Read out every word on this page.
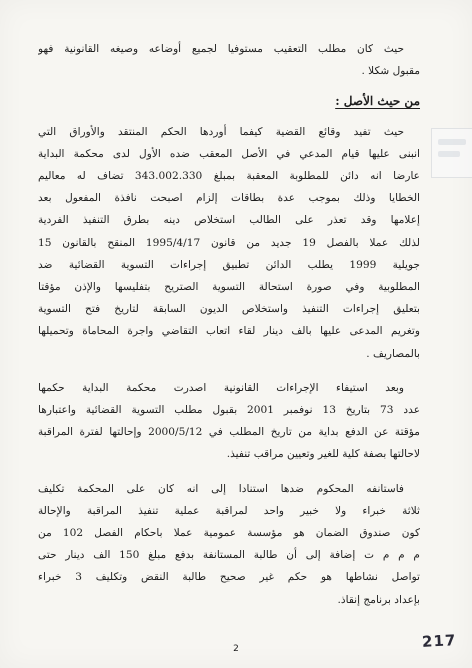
حيث كان مطلب التعقيب مستوفيا لجميع أوضاعه وصيغه القانونية فهو
مقبول شكلا .

من حيث الأصل :

حيث تفيد وقائع القضية كيفما أوردها الحكم المنتقد والأوراق التي
انبنى عليها قيام المدعي في الأصل المعقب ضده الأول لدى محكمة البداية
عارضا انه دائن للمطلوبة المعقبة بمبلغ 343.002.330 تضاف له معاليم
الخطايا وذلك بموجب عدة بطاقات إلزام اصبحت نافذة المفعول بعد
إعلامها وقد تعذر على الطالب استخلاص دينه بطرق التنفيذ الفردية
لذلك عملا بالفصل 19 جديد من قانون 1995/4/17 المنقح بالقانون 15
جويلية 1999 يطلب الدائن تطبيق إجراءات التسوية القضائية ضد
المطلوبية وفي صورة استحالة التسوية الصتريح بتفليسها والإذن مؤقتا
بتعليق إجراءات التنفيذ واستخلاص الديون السابقة لتاريخ فتح التسوية
وتغريم المدعى عليها بالف دينار لقاء اتعاب التقاضي واجرة المحاماة وتحميلها
بالمصاريف .

وبعد استيفاء الإجراءات القانونية اصدرت محكمة البداية حكمها
عدد 73 بتاريخ 13 نوفمبر 2001 بقبول مطلب التسوية القضائية واعتبارها
مؤقتة عن الدفع بداية من تاريخ المطلب في 2000/5/12 وإحالتها لفترة المراقبة
لاحالتها بصفة كلية للغير وتعيين مراقب تنفيذ.

فاستانفه المحكوم ضدها استنادا إلى انه كان على المحكمة تكليف
ثلاثة خبراء ولا خبير واحد لمراقبة عملية تنفيذ المراقبة والإحالة
كون صندوق الضمان هو مؤسسة عمومية عملا باحكام الفصل 102 من
م م م ت إضافة إلى أن طالبة المستانفة بدفع مبلغ 150 الف دينار حتى
تواصل نشاطها هو حكم غير صحيح طالبة النقض وتكليف 3 خبراء
بإعداد برنامج إنقاذ.

2	217
